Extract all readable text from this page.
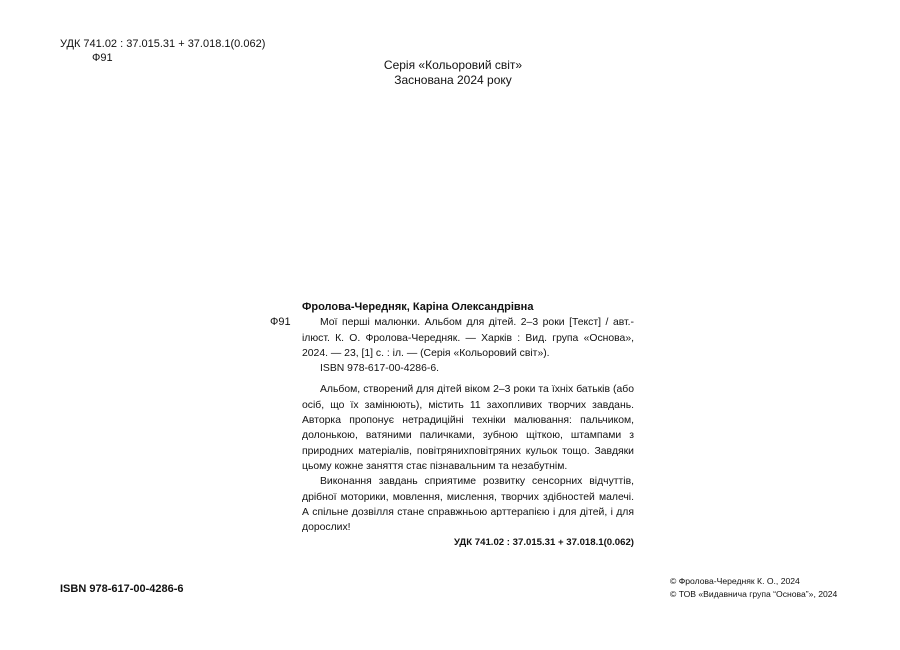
УДК 741.02 : 37.015.31 + 37.018.1(0.062)
Ф91	Серія «Кольоровий світ»
Заснована 2024 року
Ф91
Фролова-Чередняк, Каріна Олександрівна

Мої перші малюнки. Альбом для дітей. 2–3 роки [Текст] / авт.-ілюст. К. О. Фролова-Чередняк. — Харків : Вид. група «Основа», 2024. — 23, [1] с. : іл. — (Серія «Кольоровий світ»).

ISBN 978-617-00-4286-6.

Альбом, створений для дітей віком 2–3 роки та їхніх батьків (або осіб, що їх замінюють), містить 11 захопливих творчих завдань. Авторка пропонує нетрадиційні техніки малювання: пальчиком, долонькою, ватяними паличками, зубною щіткою, штампами з природних матеріалів, повітрянихповітряних кульок тощо. Завдяки цьому кожне заняття стає пізнавальним та незабутнім.

Виконання завдань сприятиме розвитку сенсорних відчуттів, дрібної моторики, мовлення, мислення, творчих здібностей малечі. А спільне дозвілля стане справжньою арттерапією і для дітей, і для дорослих!

УДК 741.02 : 37.015.31 + 37.018.1(0.062)
ISBN 978-617-00-4286-6
© Фролова-Чередняк К. О., 2024
© ТОВ «Видавнича група “Основа”», 2024
